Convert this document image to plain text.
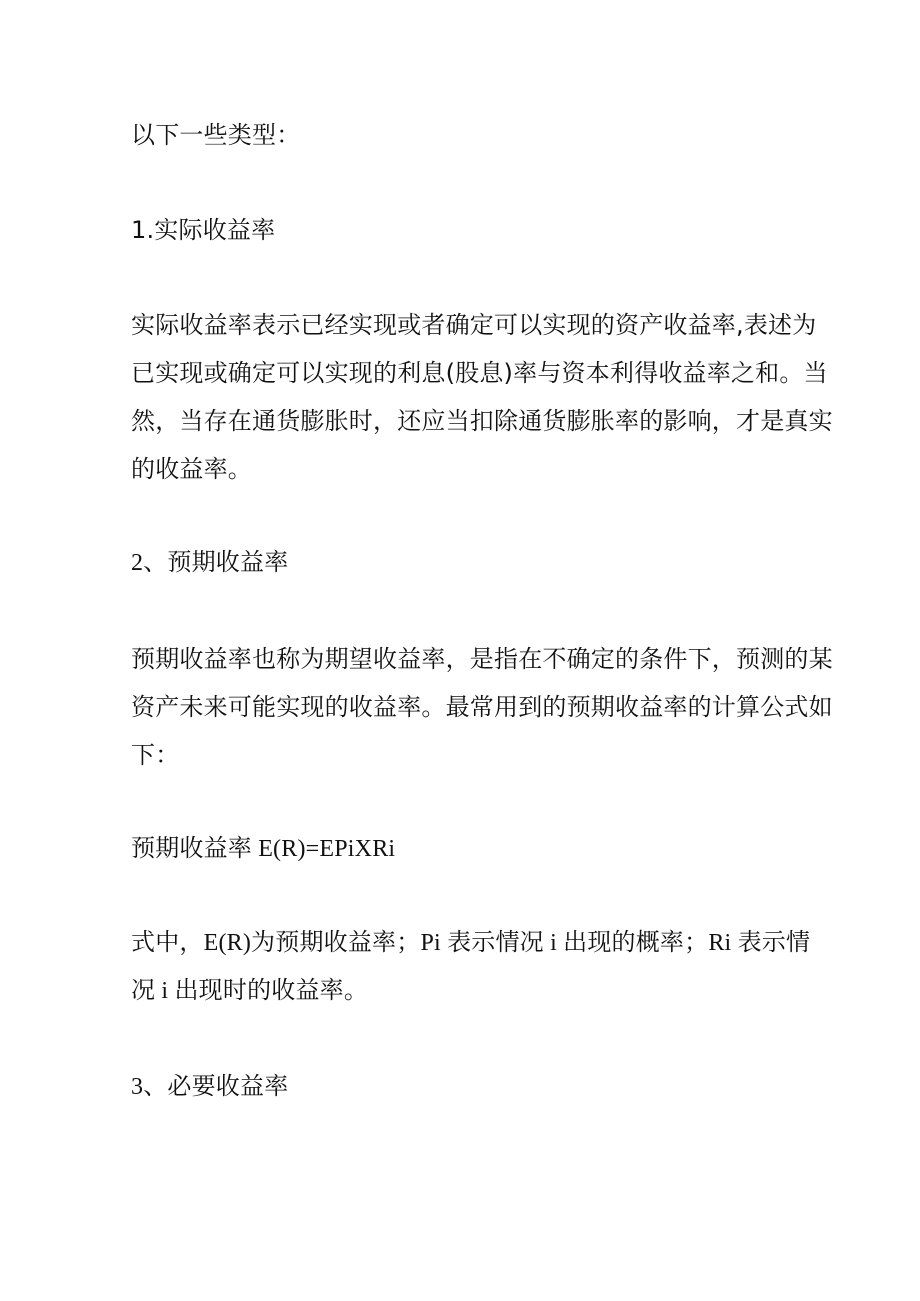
以下一些类型：

1.实际收益率

实际收益率表示已经实现或者确定可以实现的资产收益率,表述为

已实现或确定可以实现的利息(股息)率与资本利得收益率之和。当

然，当存在通货膨胀时，还应当扣除通货膨胀率的影响，才是真实

的收益率。

2、预期收益率

预期收益率也称为期望收益率，是指在不确定的条件下，预测的某

资产未来可能实现的收益率。最常用到的预期收益率的计算公式如

下：

预期收益率 E(R)=EPiXRi

式中，E(R)为预期收益率；Pi 表示情况 i 出现的概率；Ri 表示情

况 i 出现时的收益率。

3、必要收益率
